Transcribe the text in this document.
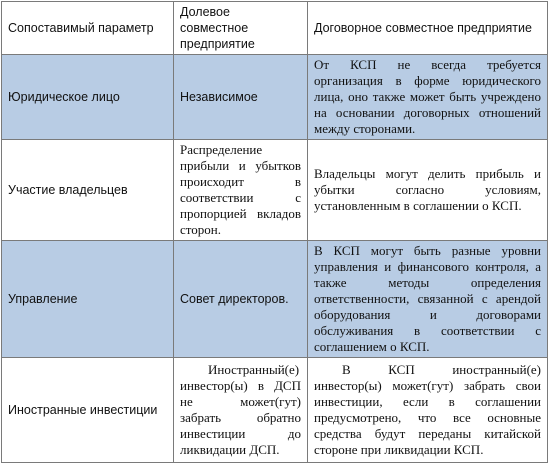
Сопоставимый параметр	Долевое совместное предприятие	Договорное совместное предприятие
Юридическое лицо	Независимое	От КСП не всегда требуется организация в форме юридического лица, оно также может быть учреждено на основании договорных отношений между сторонами.
Участие владельцев	Распределение прибыли и убытков происходит в соответствии с пропорцией вкладов сторон.	Владельцы могут делить прибыль и убытки согласно условиям, установленным в соглашении о КСП.
Управление	Совет директоров.	В КСП могут быть разные уровни управления и финансового контроля, а также методы определения ответственности, связанной с арендой оборудования и договорами обслуживания в соответствии с соглашением о КСП.
Иностранные инвестиции	Иностранный(е) инвестор(ы) в ДСП не может(гут) забрать обратно инвестиции до ликвидации ДСП.	В КСП иностранный(е) инвестор(ы) может(гут) забрать свои инвестиции, если в соглашении предусмотрено, что все основные средства будут переданы китайской стороне при ликвидации КСП.
